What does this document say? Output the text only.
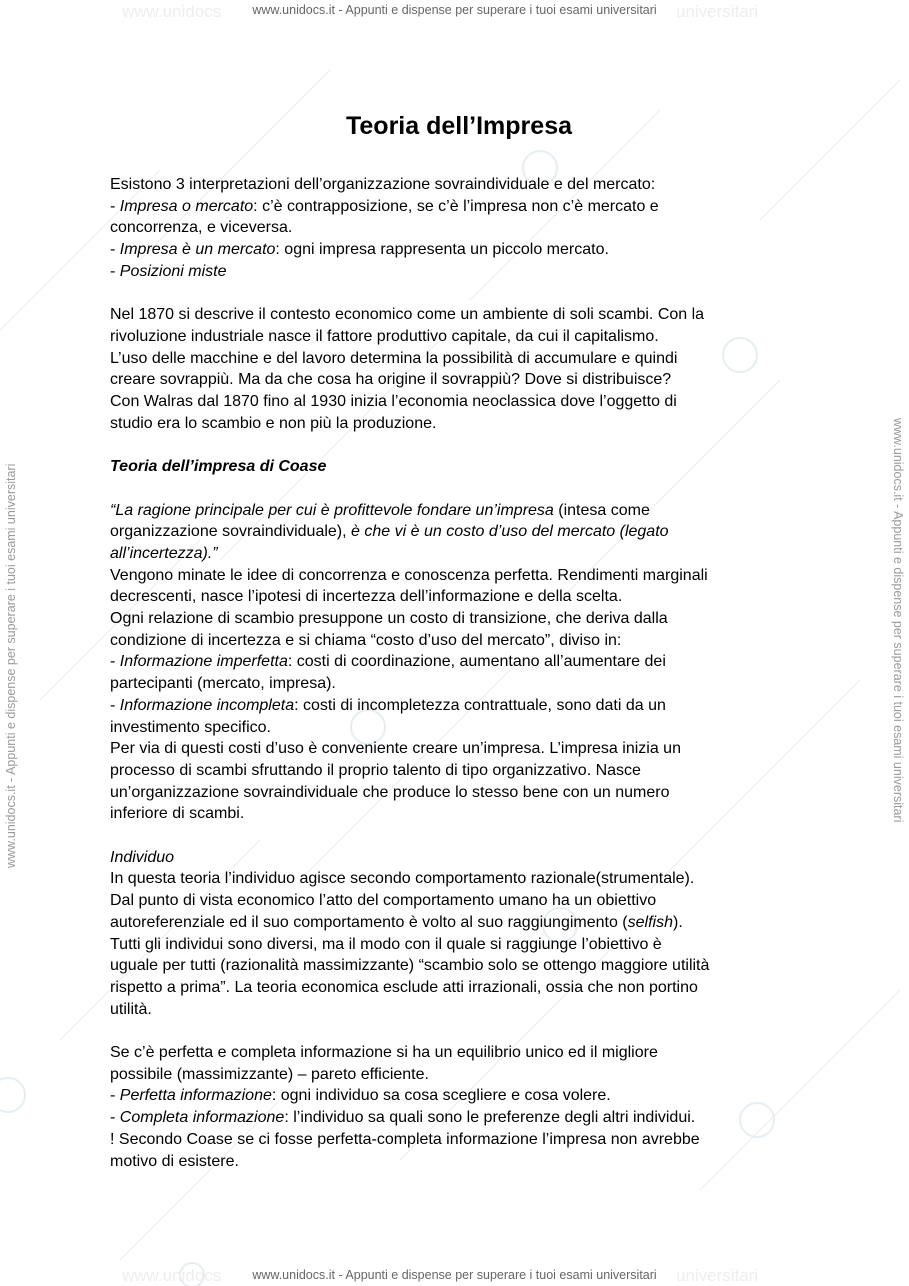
www.unidocs	universitari
www.unidocs	universitari
www.unidocs.it - Appunti e dispense per superare i tuoi esami universitari
www.unidocs.it - Appunti e dispense per superare i tuoi esami universitari
www.unidocs.it - Appunti e dispense per superare i tuoi esami universitari	www.unidocs.it - Appunti e dispense per superare i tuoi esami universitari
Teoria dell’Impresa
Esistono 3 interpretazioni dell’organizzazione sovraindividuale e del mercato:
- Impresa o mercato: c’è contrapposizione, se c’è l’impresa non c’è mercato e
concorrenza, e viceversa.
- Impresa è un mercato: ogni impresa rappresenta un piccolo mercato.
- Posizioni miste
Nel 1870 si descrive il contesto economico come un ambiente di soli scambi. Con la
rivoluzione industriale nasce il fattore produttivo capitale, da cui il capitalismo.
L’uso delle macchine e del lavoro determina la possibilità di accumulare e quindi
creare sovrappiù. Ma da che cosa ha origine il sovrappiù? Dove si distribuisce?
Con Walras dal 1870 fino al 1930 inizia l’economia neoclassica dove l’oggetto di
studio era lo scambio e non più la produzione.
Teoria dell’impresa di Coase
“La ragione principale per cui è profittevole fondare un’impresa (intesa come
organizzazione sovraindividuale), è che vi è un costo d’uso del mercato (legato
all’incertezza).”
Vengono minate le idee di concorrenza e conoscenza perfetta. Rendimenti marginali
decrescenti, nasce l’ipotesi di incertezza dell’informazione e della scelta.
Ogni relazione di scambio presuppone un costo di transizione, che deriva dalla
condizione di incertezza e si chiama “costo d’uso del mercato”, diviso in:
- Informazione imperfetta: costi di coordinazione, aumentano all’aumentare dei
partecipanti (mercato, impresa).
- Informazione incompleta: costi di incompletezza contrattuale, sono dati da un
investimento specifico.
Per via di questi costi d’uso è conveniente creare un’impresa. L’impresa inizia un
processo di scambi sfruttando il proprio talento di tipo organizzativo. Nasce
un’organizzazione sovraindividuale che produce lo stesso bene con un numero
inferiore di scambi.
Individuo
In questa teoria l’individuo agisce secondo comportamento razionale(strumentale).
Dal punto di vista economico l’atto del comportamento umano ha un obiettivo
autoreferenziale ed il suo comportamento è volto al suo raggiungimento (selfish).
Tutti gli individui sono diversi, ma il modo con il quale si raggiunge l’obiettivo è
uguale per tutti (razionalità massimizzante) “scambio solo se ottengo maggiore utilità
rispetto a prima”. La teoria economica esclude atti irrazionali, ossia che non portino
utilità.
Se c’è perfetta e completa informazione si ha un equilibrio unico ed il migliore
possibile (massimizzante) – pareto efficiente.
- Perfetta informazione: ogni individuo sa cosa scegliere e cosa volere.
- Completa informazione: l’individuo sa quali sono le preferenze degli altri individui.
! Secondo Coase se ci fosse perfetta-completa informazione l’impresa non avrebbe
motivo di esistere.
